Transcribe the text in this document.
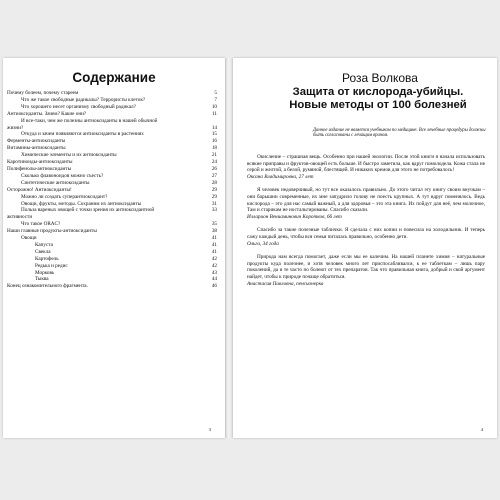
Содержание
Почему болеем, почему стареем	5
Что же такое свободные радикалы? Террористы клеток?	7
Что хорошего несет организму свободный радикал?	10
Антиоксиданты. Зачем? Какие они?	11
И все-таки, чем же полезны антиоксиданты в нашей обычной
жизни?	14
Откуда и зачем появляются антиоксиданты в растениях	15
Ферменты-антиоксиданты	16
Витамины-антиоксиданты	18
Химические элементы и их антиоксиданты	21
Каротиноиды-антиоксиданты	24
Полифенолы-антиоксиданты	26
Сколько флавоноидов можно съесть?	27
Синтетические антиоксиданты	28
Осторожно! Антиоксиданты!	29
Можно ли создать суперантиоксидант?	29
Овощи, фрукты, методы. Сохраним их антиоксиданты	31
Польза вареных овощей с точки зрения их антиоксидантной	33
активности
Что такое ORAC?	35
Наши главные продукты-антиоксиданты	38
Овощи	41
Капуста	41
Свекла	41
Картофель	42
Редька и редис	42
Морковь	43
Тыква	44
Конец ознакомительного фрагмента.	46
3
Роза Волкова
Защита от кислорода-убийцы.
Новые методы от 100 болезней
Данное издание не является учебником по медицине. Все лечебные процедуры должны быть согласованы с лечащим врачом.

Окисление – страшная вещь. Особенно при нашей экологии. После этой книги я начала использовать всякие приправы и фруктов-овощей есть больше. И быстро заметила, как вдруг помолодела. Кожа стала не серой и желтой, а белой, румяной, блестящей. И никаких кремов для этого не потребовалось!

Оксана Владимировна, 27 лет

Я человек недоверчивый, но тут все оказалось правильно. До этого читал эту книгу своим внучкам – они барышни современные, их мне запудрило голову не поесть крупных. А тут вдруг поменялось. Ведь кислорода – это для нас самый важный, а для здоровья – это эта книга. Их пойдут для неё, чем молочное, Там и старикам не ностальгированы. Спасибо сказали.

Илларион Вениаминович Коротков, 66 лет

Спасибо за такие полезные таблички. Я сделала с них копии и повесила на холодильник. И теперь сажу каждый день, чтобы вся семья питалась правильно, особенно дети.

Ольга, 34 года

Природа нам всегда помогает, даже если мы ее калечим. На нашей планете химия – натуральные продукты куда полезнее, и хотя человек много лет приспосабливался, к ее таблеткам – лишь пару поколений, да и те часто по болеют от тех препаратов. Так что правильная книга, добрый и свой аргумент найдет, чтобы к природе почаще обратиться.

Анастасия Павловна, пенсионерка

4
